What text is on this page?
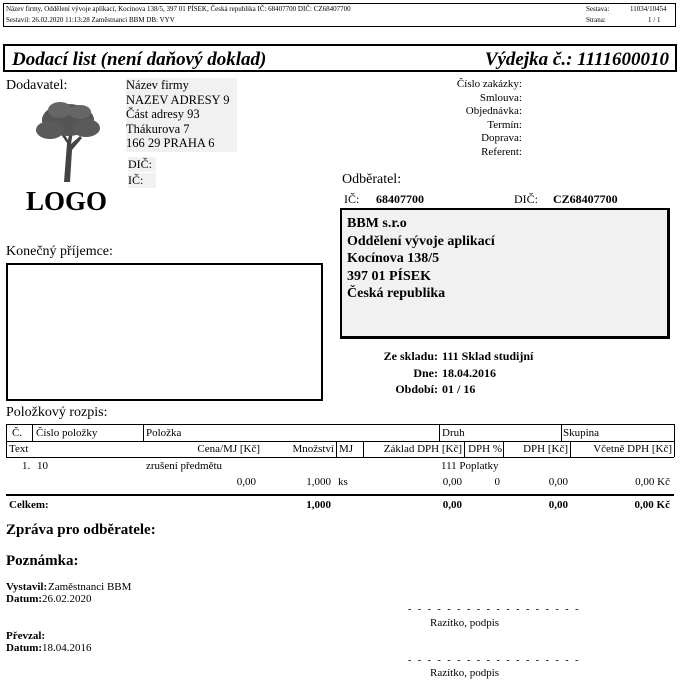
Název firmy, Oddělení vývoje aplikací, Kocínova 138/5, 397 01 PÍSEK, Česká republika IČ: 68407700 DIČ: CZ68407700
Sestavil: 26.02.2020 11:13:28 Zaměstnanci BBM DB: VYV
Sestava:	11034/10454
Strana:	1 / 1
Dodací list (není daňový doklad)	Výdejka č.: 1111600010
Dodavatel:	Název firmy
NAZEV ADRESY 9
Část adresy 93
Thákurova 7
166 29 PRAHA 6
DIČ:
IČ:
LOGO
Číslo zakázky:
Smlouva:
Objednávka:
Termín:
Doprava:
Referent:
Odběratel:
IČ: 68407700	DIČ: CZ68407700
BBM s.r.o
Oddělení vývoje aplikací
Kocínova 138/5
397 01 PÍSEK
Česká republika
Konečný příjemce:
Ze skladu: 111 Sklad studijní
Dne: 18.04.2016
Období: 01 / 16
Položkový rozpis:
Č. Číslo položky	Položka	Druh	Skupina
Text	Cena/MJ [Kč]	Množství MJ	Základ DPH [Kč] DPH %	DPH [Kč]	Včetně DPH [Kč]
1. 10	zrušení předmětu	111 Poplatky
0,00	1,000 ks	0,00	0	0,00	0,00 Kč
Celkem:	1,000	0,00	0,00	0,00 Kč
Zpráva pro odběratele:
Poznámka:
Vystavil: Zaměstnanci BBM
Datum: 26.02.2020
- - - - - - - - - - - - - - - - - -
Razítko, podpis
Převzal:
Datum: 18.04.2016
- - - - - - - - - - - - - - - - - -
Razítko, podpis
